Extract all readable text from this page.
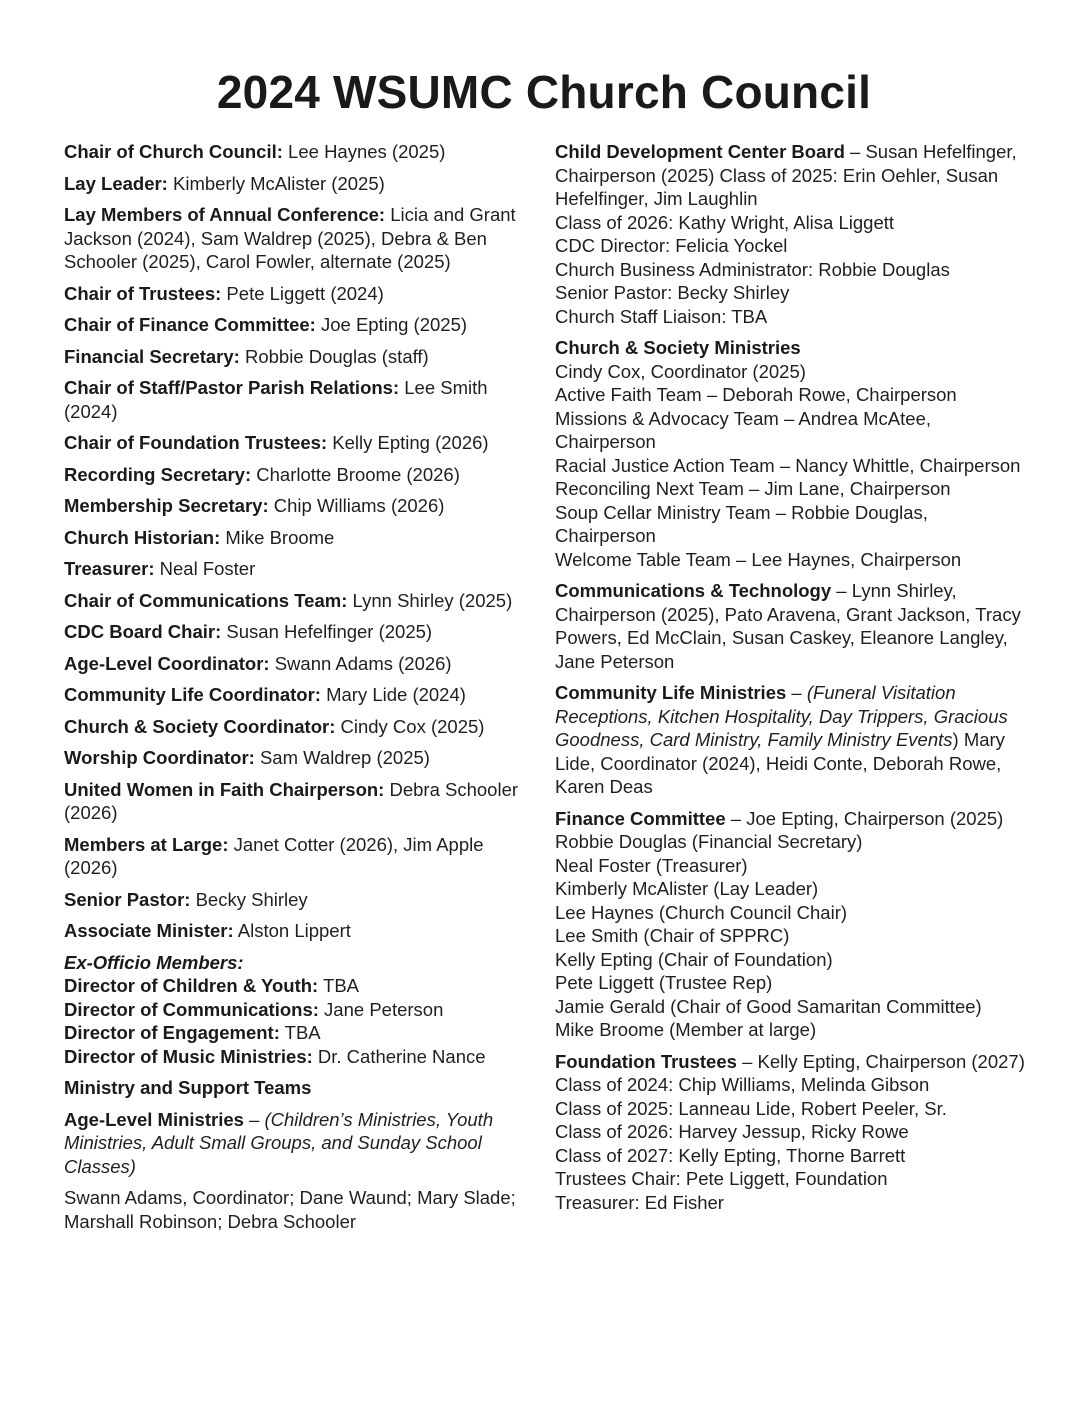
2024 WSUMC Church Council
Chair of Church Council: Lee Haynes (2025)
Lay Leader: Kimberly McAlister (2025)
Lay Members of Annual Conference: Licia and Grant Jackson (2024), Sam Waldrep (2025), Debra & Ben Schooler (2025), Carol Fowler, alternate (2025)
Chair of Trustees: Pete Liggett (2024)
Chair of Finance Committee: Joe Epting (2025)
Financial Secretary: Robbie Douglas (staff)
Chair of Staff/Pastor Parish Relations: Lee Smith (2024)
Chair of Foundation Trustees: Kelly Epting (2026)
Recording Secretary: Charlotte Broome (2026)
Membership Secretary: Chip Williams (2026)
Church Historian: Mike Broome
Treasurer: Neal Foster
Chair of Communications Team: Lynn Shirley (2025)
CDC Board Chair: Susan Hefelfinger (2025)
Age-Level Coordinator: Swann Adams (2026)
Community Life Coordinator: Mary Lide (2024)
Church & Society Coordinator: Cindy Cox (2025)
Worship Coordinator: Sam Waldrep (2025)
United Women in Faith Chairperson: Debra Schooler (2026)
Members at Large: Janet Cotter (2026), Jim Apple (2026)
Senior Pastor: Becky Shirley
Associate Minister: Alston Lippert
Ex-Officio Members:
Director of Children & Youth: TBA
Director of Communications: Jane Peterson
Director of Engagement: TBA
Director of Music Ministries: Dr. Catherine Nance
Ministry and Support Teams
Age-Level Ministries – (Children’s Ministries, Youth Ministries, Adult Small Groups, and Sunday School Classes)
Swann Adams, Coordinator; Dane Waund; Mary Slade; Marshall Robinson; Debra Schooler
Child Development Center Board – Susan Hefelfinger, Chairperson (2025) Class of 2025: Erin Oehler, Susan Hefelfinger, Jim Laughlin
Class of 2026: Kathy Wright, Alisa Liggett
CDC Director: Felicia Yockel
Church Business Administrator: Robbie Douglas
Senior Pastor: Becky Shirley
Church Staff Liaison: TBA
Church & Society Ministries
Cindy Cox, Coordinator (2025)
Active Faith Team – Deborah Rowe, Chairperson
Missions & Advocacy Team – Andrea McAtee, Chairperson
Racial Justice Action Team – Nancy Whittle, Chairperson
Reconciling Next Team – Jim Lane, Chairperson
Soup Cellar Ministry Team – Robbie Douglas, Chairperson
Welcome Table Team – Lee Haynes, Chairperson
Communications & Technology – Lynn Shirley, Chairperson (2025), Pato Aravena, Grant Jackson, Tracy Powers, Ed McClain, Susan Caskey, Eleanore Langley, Jane Peterson
Community Life Ministries – (Funeral Visitation Receptions, Kitchen Hospitality, Day Trippers, Gracious Goodness, Card Ministry, Family Ministry Events) Mary Lide, Coordinator (2024), Heidi Conte, Deborah Rowe, Karen Deas
Finance Committee – Joe Epting, Chairperson (2025)
Robbie Douglas (Financial Secretary)
Neal Foster (Treasurer)
Kimberly McAlister (Lay Leader)
Lee Haynes (Church Council Chair)
Lee Smith (Chair of SPPRC)
Kelly Epting (Chair of Foundation)
Pete Liggett (Trustee Rep)
Jamie Gerald (Chair of Good Samaritan Committee)
Mike Broome (Member at large)
Foundation Trustees – Kelly Epting, Chairperson (2027)
Class of 2024: Chip Williams, Melinda Gibson
Class of 2025: Lanneau Lide, Robert Peeler, Sr.
Class of 2026: Harvey Jessup, Ricky Rowe
Class of 2027: Kelly Epting, Thorne Barrett
Trustees Chair: Pete Liggett, Foundation
Treasurer: Ed Fisher
